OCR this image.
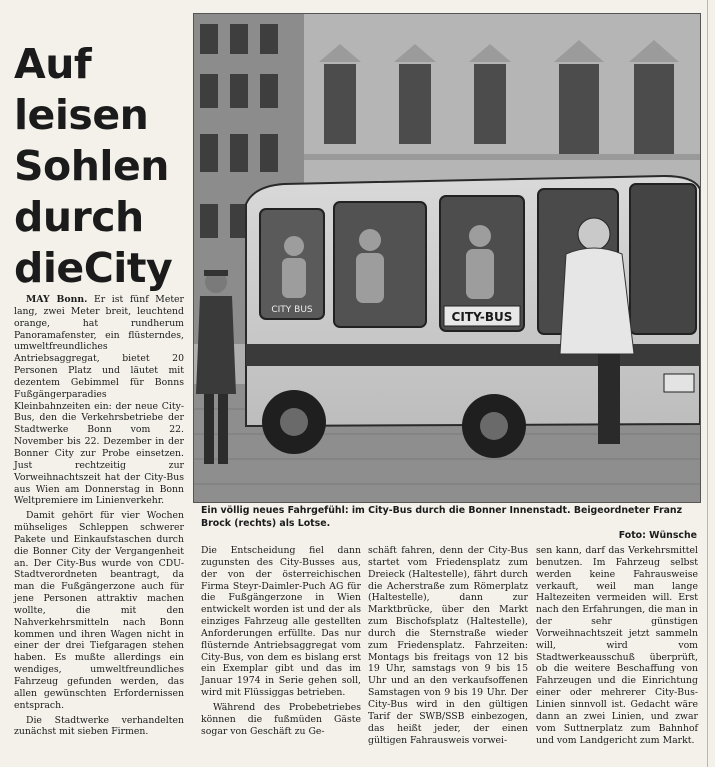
Auf
leisen
Sohlen
durch
dieCity
CITY-BUS
CITY BUS
Ein völlig neues Fahrgefühl: im City-Bus durch die Bonner Innenstadt. Beigeordneter Franz Brock (rechts) als Lotse.
Foto: Wünsche

MAY Bonn. Er ist fünf Meter lang, zwei Meter breit, leuchtend orange, hat rundherum Panoramafenster, ein flüsterndes, umweltfreundliches Antriebsaggregat, bietet 20 Personen Platz und läutet mit dezentem Gebimmel für Bonns Fußgängerparadies Kleinbahnzeiten ein: der neue City-Bus, den die Verkehrsbetriebe der Stadtwerke Bonn vom 22. November bis 22. Dezember in der Bonner City zur Probe einsetzen. Just rechtzeitig zur Vorweihnachtszeit hat der City-Bus aus Wien am Donnerstag in Bonn Weltpremiere im Linienverkehr.

Damit gehört für vier Wochen mühseliges Schleppen schwerer Pakete und Einkaufstaschen durch die Bonner City der Vergangenheit an. Der City-Bus wurde von CDU-Stadtverordneten beantragt, da man die Fußgängerzone auch für jene Personen attraktiv machen wollte, die mit den Nahverkehrsmitteln nach Bonn kommen und ihren Wagen nicht in einer der drei Tiefgaragen stehen haben. Es mußte allerdings ein wendiges, umweltfreundliches Fahrzeug gefunden werden, das allen gewünschten Erfordernissen entsprach.

Die Stadtwerke verhandelten zunächst mit sieben Firmen.

Die Entscheidung fiel dann zugunsten des City-Busses aus, der von der österreichischen Firma Steyr-Daimler-Puch AG für die Fußgängerzone in Wien entwickelt worden ist und der als einziges Fahrzeug alle gestellten Anforderungen erfüllte. Das nur flüsternde Antriebsaggregat vom City-Bus, von dem es bislang erst ein Exemplar gibt und das im Januar 1974 in Serie gehen soll, wird mit Flüssiggas betrieben.

Während des Probebetriebes können die fußmüden Gäste sogar von Geschäft zu Ge-

schäft fahren, denn der City-Bus startet vom Friedensplatz zum Dreieck (Haltestelle), fährt durch die Acherstraße zum Römerplatz (Haltestelle), dann zur Marktbrücke, über den Markt zum Bischofsplatz (Haltestelle), durch die Sternstraße wieder zum Friedensplatz. Fahrzeiten: Montags bis freitags von 12 bis 19 Uhr, samstags von 9 bis 15 Uhr und an den verkaufsoffenen Samstagen von 9 bis 19 Uhr. Der City-Bus wird in den gültigen Tarif der SWB/SSB einbezogen, das heißt jeder, der einen gültigen Fahrausweis vorwei-

sen kann, darf das Verkehrsmittel benutzen. Im Fahrzeug selbst werden keine Fahrausweise verkauft, weil man lange Haltezeiten vermeiden will. Erst nach den Erfahrungen, die man in der sehr günstigen Vorweihnachtszeit jetzt sammeln will, wird vom Stadtwerkeausschuß überprüft, ob die weitere Beschaffung von Fahrzeugen und die Einrichtung einer oder mehrerer City-Bus-Linien sinnvoll ist. Gedacht wäre dann an zwei Linien, und zwar vom Suttnerplatz zum Bahnhof und vom Landgericht zum Markt.
